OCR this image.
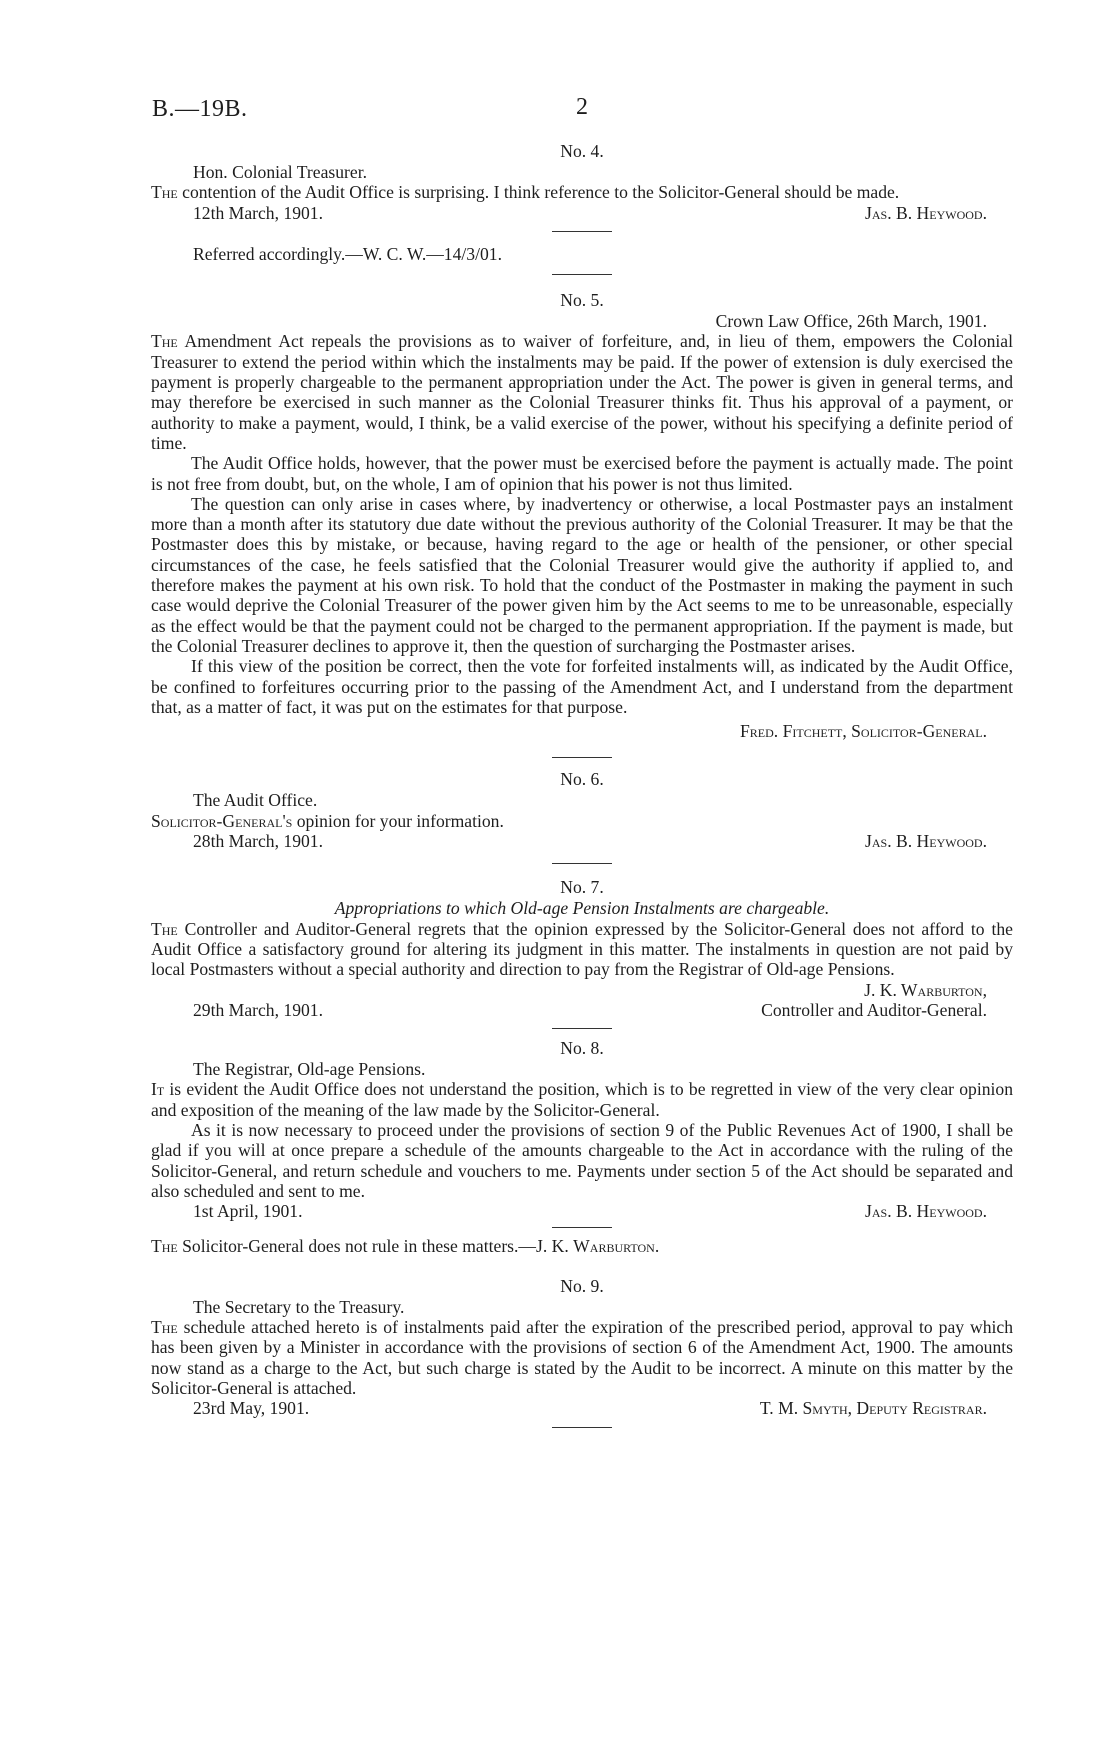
B.—19B.	2
No. 4.

Hon. Colonial Treasurer.

The contention of the Audit Office is surprising. I think reference to the Solicitor-General should be made.

12th March, 1901.	Jas. B. Heywood.

Referred accordingly.—W. C. W.—14/3/01.

No. 5.

Crown Law Office, 26th March, 1901.

The Amendment Act repeals the provisions as to waiver of forfeiture, and, in lieu of them, empowers the Colonial Treasurer to extend the period within which the instalments may be paid. If the power of extension is duly exercised the payment is properly chargeable to the permanent appropriation under the Act. The power is given in general terms, and may therefore be exercised in such manner as the Colonial Treasurer thinks fit. Thus his approval of a payment, or authority to make a payment, would, I think, be a valid exercise of the power, without his specifying a definite period of time.

The Audit Office holds, however, that the power must be exercised before the payment is actually made. The point is not free from doubt, but, on the whole, I am of opinion that his power is not thus limited.

The question can only arise in cases where, by inadvertency or otherwise, a local Postmaster pays an instalment more than a month after its statutory due date without the previous authority of the Colonial Treasurer. It may be that the Postmaster does this by mistake, or because, having regard to the age or health of the pensioner, or other special circumstances of the case, he feels satisfied that the Colonial Treasurer would give the authority if applied to, and therefore makes the payment at his own risk. To hold that the conduct of the Postmaster in making the payment in such case would deprive the Colonial Treasurer of the power given him by the Act seems to me to be unreasonable, especially as the effect would be that the payment could not be charged to the permanent appropriation. If the payment is made, but the Colonial Treasurer declines to approve it, then the question of surcharging the Postmaster arises.

If this view of the position be correct, then the vote for forfeited instalments will, as indicated by the Audit Office, be confined to forfeitures occurring prior to the passing of the Amendment Act, and I understand from the department that, as a matter of fact, it was put on the estimates for that purpose.

Fred. Fitchett, Solicitor-General.

No. 6.

The Audit Office.

Solicitor-General's opinion for your information.

28th March, 1901.	Jas. B. Heywood.
No. 7.

Appropriations to which Old-age Pension Instalments are chargeable.

The Controller and Auditor-General regrets that the opinion expressed by the Solicitor-General does not afford to the Audit Office a satisfactory ground for altering its judgment in this matter. The instalments in question are not paid by local Postmasters without a special authority and direction to pay from the Registrar of Old-age Pensions.

J. K. Warburton,
29th March, 1901.	Controller and Auditor-General.
No. 8.

The Registrar, Old-age Pensions.

It is evident the Audit Office does not understand the position, which is to be regretted in view of the very clear opinion and exposition of the meaning of the law made by the Solicitor-General.

As it is now necessary to proceed under the provisions of section 9 of the Public Revenues Act of 1900, I shall be glad if you will at once prepare a schedule of the amounts chargeable to the Act in accordance with the ruling of the Solicitor-General, and return schedule and vouchers to me. Payments under section 5 of the Act should be separated and also scheduled and sent to me.

1st April, 1901.	Jas. B. Heywood.

The Solicitor-General does not rule in these matters.—J. K. Warburton.

No. 9.

The Secretary to the Treasury.

The schedule attached hereto is of instalments paid after the expiration of the prescribed period, approval to pay which has been given by a Minister in accordance with the provisions of section 6 of the Amendment Act, 1900. The amounts now stand as a charge to the Act, but such charge is stated by the Audit to be incorrect. A minute on this matter by the Solicitor-General is attached.

23rd May, 1901.	T. M. Smyth, Deputy Registrar.
